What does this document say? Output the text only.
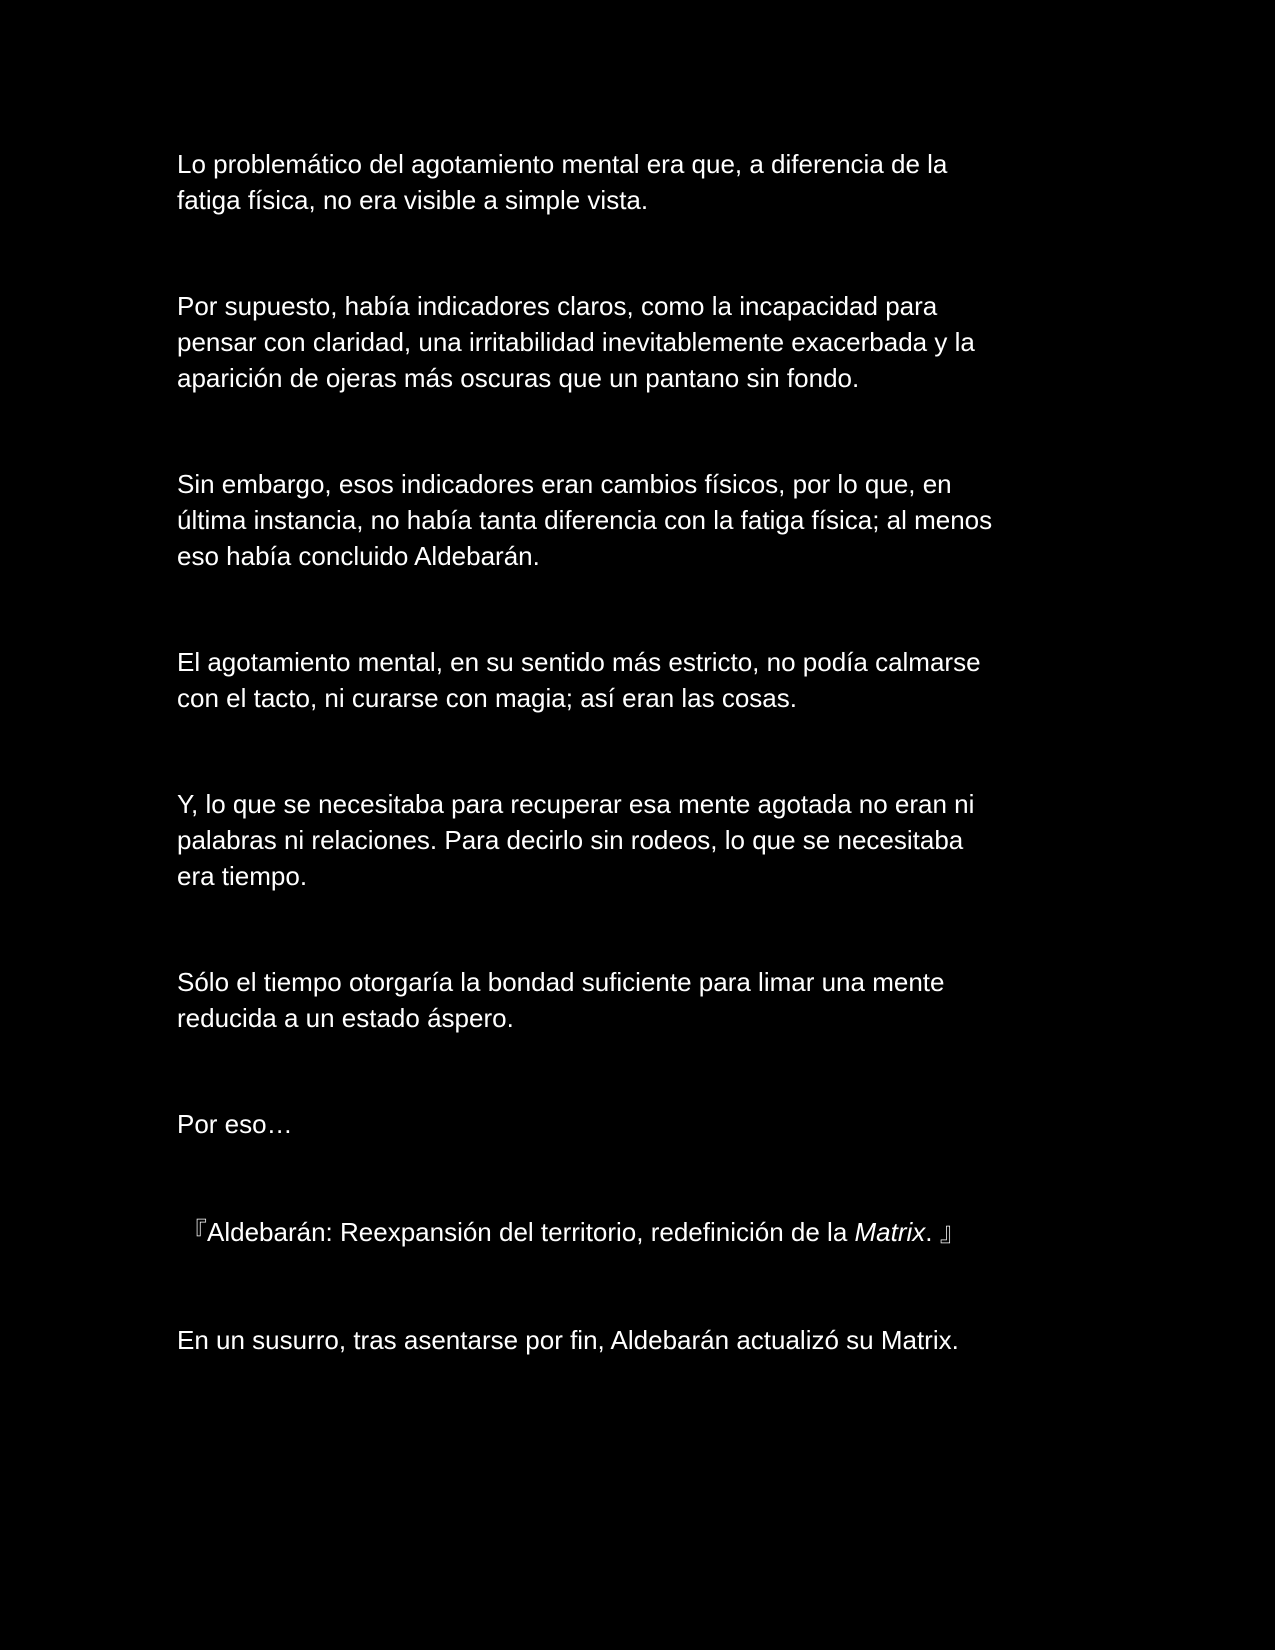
Lo problemático del agotamiento mental era que, a diferencia de la
fatiga física, no era visible a simple vista.

Por supuesto, había indicadores claros, como la incapacidad para
pensar con claridad, una irritabilidad inevitablemente exacerbada y la
aparición de ojeras más oscuras que un pantano sin fondo.

Sin embargo, esos indicadores eran cambios físicos, por lo que, en
última instancia, no había tanta diferencia con la fatiga física; al menos
eso había concluido Aldebarán.

El agotamiento mental, en su sentido más estricto, no podía calmarse
con el tacto, ni curarse con magia; así eran las cosas.

Y, lo que se necesitaba para recuperar esa mente agotada no eran ni
palabras ni relaciones. Para decirlo sin rodeos, lo que se necesitaba
era tiempo.

Sólo el tiempo otorgaría la bondad suficiente para limar una mente
reducida a un estado áspero.

Por eso…

『Aldebarán: Reexpansión del territorio, redefinición de la Matrix. 』

En un susurro, tras asentarse por fin, Aldebarán actualizó su Matrix.
